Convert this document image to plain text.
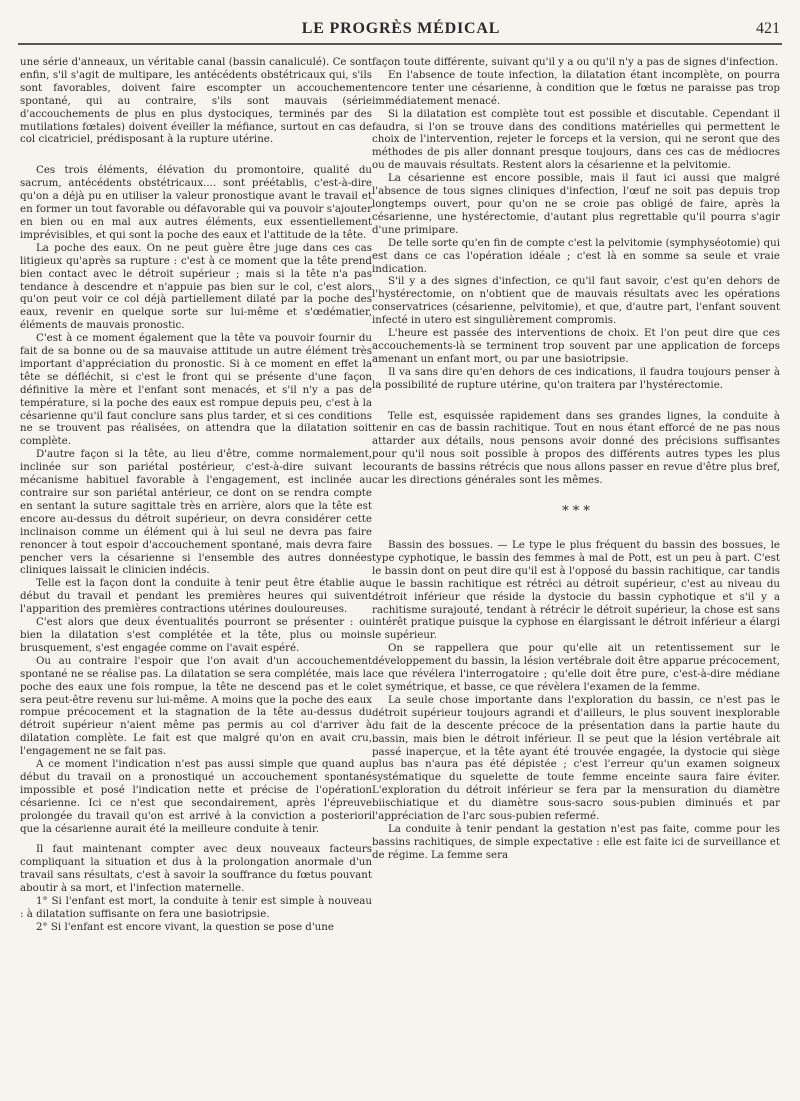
LE PROGRÈS MÉDICAL	421

une série d'anneaux, un véritable canal (bassin canaliculé). Ce sont enfin, s'il s'agit de multipare, les antécédents obstétricaux qui, s'ils sont favorables, doivent faire escompter un accouchement spontané, qui au contraire, s'ils sont mauvais (série d'accouchements de plus en plus dystociques, terminés par des mutilations fœtales) doivent éveiller la méfiance, surtout en cas de col cicatriciel, prédisposant à la rupture utérine.

Ces trois éléments, élévation du promontoire, qualité du sacrum, antécédents obstétricaux.... sont préétablis, c'est-à-dire qu'on a déjà pu en utiliser la valeur pronostique avant le travail et en former un tout favorable ou défavorable qui va pouvoir s'ajouter en bien ou en mal aux autres éléments, eux essentiellement imprévisibles, et qui sont la poche des eaux et l'attitude de la tête.

La poche des eaux. On ne peut guère être juge dans ces cas litigieux qu'après sa rupture : c'est à ce moment que la tête prend bien contact avec le détroit supérieur ; mais si la tête n'a pas tendance à descendre et n'appuie pas bien sur le col, c'est alors qu'on peut voir ce col déjà partiellement dilaté par la poche des eaux, revenir en quelque sorte sur lui-même et s'œdématier, éléments de mauvais pronostic.

C'est à ce moment également que la tête va pouvoir fournir du fait de sa bonne ou de sa mauvaise attitude un autre élément très important d'appréciation du pronostic. Si à ce moment en effet la tête se défléchit, si c'est le front qui se présente d'une façon définitive la mère et l'enfant sont menacés, et s'il n'y a pas de température, si la poche des eaux est rompue depuis peu, c'est à la césarienne qu'il faut conclure sans plus tarder, et si ces conditions ne se trouvent pas réalisées, on attendra que la dilatation soit complète.

D'autre façon si la tête, au lieu d'être, comme normalement, inclinée sur son pariétal postérieur, c'est-à-dire suivant le mécanisme habituel favorable à l'engagement, est inclinée au contraire sur son pariétal antérieur, ce dont on se rendra compte en sentant la suture sagittale très en arrière, alors que la tête est encore au-dessus du détroit supérieur, on devra considérer cette inclinaison comme un élément qui à lui seul ne devra pas faire renoncer à tout espoir d'accouchement spontané, mais devra faire pencher vers la césarienne si l'ensemble des autres données cliniques laissait le clinicien indécis.

Telle est la façon dont la conduite à tenir peut être établie au début du travail et pendant les premières heures qui suivent l'apparition des premières contractions utérines douloureuses.

C'est alors que deux éventualités pourront se présenter : ou bien la dilatation s'est complétée et la tête, plus ou moins brusquement, s'est engagée comme on l'avait espéré.

Ou au contraire l'espoir que l'on avait d'un accouchement spontané ne se réalise pas. La dilatation se sera complétée, mais la poche des eaux une fois rompue, la tête ne descend pas et le col sera peut-être revenu sur lui-même. A moins que la poche des eaux rompue précocement et la stagnation de la tête au-dessus du détroit supérieur n'aient même pas permis au col d'arriver à dilatation complète. Le fait est que malgré qu'on en avait cru, l'engagement ne se fait pas.

A ce moment l'indication n'est pas aussi simple que quand au début du travail on a pronostiqué un accouchement spontané impossible et posé l'indication nette et précise de l'opération césarienne. Ici ce n'est que secondairement, après l'épreuve prolongée du travail qu'on est arrivé à la conviction a posteriori que la césarienne aurait été la meilleure conduite à tenir.

Il faut maintenant compter avec deux nouveaux facteurs compliquant la situation et dus à la prolongation anormale d'un travail sans résultats, c'est à savoir la souffrance du fœtus pouvant aboutir à sa mort, et l'infection maternelle.

1° Si l'enfant est mort, la conduite à tenir est simple à nouveau : à dilatation suffisante on fera une basiotripsie.

2° Si l'enfant est encore vivant, la question se pose d'une

façon toute différente, suivant qu'il y a ou qu'il n'y a pas de signes d'infection.

En l'absence de toute infection, la dilatation étant incomplète, on pourra encore tenter une césarienne, à condition que le fœtus ne paraisse pas trop immédiatement menacé.

Si la dilatation est complète tout est possible et discutable. Cependant il faudra, si l'on se trouve dans des conditions matérielles qui permettent le choix de l'intervention, rejeter le forceps et la version, qui ne seront que des méthodes de pis aller donnant presque toujours, dans ces cas de médiocres ou de mauvais résultats. Restent alors la césarienne et la pelvitomie.

La césarienne est encore possible, mais il faut ici aussi que malgré l'absence de tous signes cliniques d'infection, l'œuf ne soit pas depuis trop longtemps ouvert, pour qu'on ne se croie pas obligé de faire, après la césarienne, une hystérectomie, d'autant plus regrettable qu'il pourra s'agir d'une primipare.

De telle sorte qu'en fin de compte c'est la pelvitomie (symphyséotomie) qui est dans ce cas l'opération idéale ; c'est là en somme sa seule et vraie indication.

S'il y a des signes d'infection, ce qu'il faut savoir, c'est qu'en dehors de l'hystérectomie, on n'obtient que de mauvais résultats avec les opérations conservatrices (césarienne, pelvitomie), et que, d'autre part, l'enfant souvent infecté in utero est singulièrement compromis.

L'heure est passée des interventions de choix. Et l'on peut dire que ces accouchements-là se terminent trop souvent par une application de forceps amenant un enfant mort, ou par une basiotripsie.

Il va sans dire qu'en dehors de ces indications, il faudra toujours penser à la possibilité de rupture utérine, qu'on traitera par l'hystérectomie.

Telle est, esquissée rapidement dans ses grandes lignes, la conduite à tenir en cas de bassin rachitique. Tout en nous étant efforcé de ne pas nous attarder aux détails, nous pensons avoir donné des précisions suffisantes pour qu'il nous soit possible à propos des différents autres types les plus courants de bassins rétrécis que nous allons passer en revue d'être plus bref, car les directions générales sont les mêmes.

* * *

Bassin des bossues. — Le type le plus fréquent du bassin des bossues, le type cyphotique, le bassin des femmes à mal de Pott, est un peu à part. C'est le bassin dont on peut dire qu'il est à l'opposé du bassin rachitique, car tandis que le bassin rachitique est rétréci au détroit supérieur, c'est au niveau du détroit inférieur que réside la dystocie du bassin cyphotique et s'il y a rachitisme surajouté, tendant à rétrécir le détroit supérieur, la chose est sans intérêt pratique puisque la cyphose en élargissant le détroit inférieur a élargi le supérieur.

On se rappellera que pour qu'elle ait un retentissement sur le développement du bassin, la lésion vertébrale doit être apparue précocement, ce que révélera l'interrogatoire ; qu'elle doit être pure, c'est-à-dire médiane et symétrique, et basse, ce que révèlera l'examen de la femme.

La seule chose importante dans l'exploration du bassin, ce n'est pas le détroit supérieur toujours agrandi et d'ailleurs, le plus souvent inexplorable du fait de la descente précoce de la présentation dans la partie haute du bassin, mais bien le détroit inférieur. Il se peut que la lésion vertébrale ait passé inaperçue, et la tête ayant été trouvée engagée, la dystocie qui siège plus bas n'aura pas été dépistée ; c'est l'erreur qu'un examen soigneux systématique du squelette de toute femme enceinte saura faire éviter. L'exploration du détroit inférieur se fera par la mensuration du diamètre biischiatique et du diamètre sous-sacro sous-pubien diminués et par l'appréciation de l'arc sous-pubien refermé.

La conduite à tenir pendant la gestation n'est pas faite, comme pour les bassins rachitiques, de simple expectative : elle est faite ici de surveillance et de régime. La femme sera
